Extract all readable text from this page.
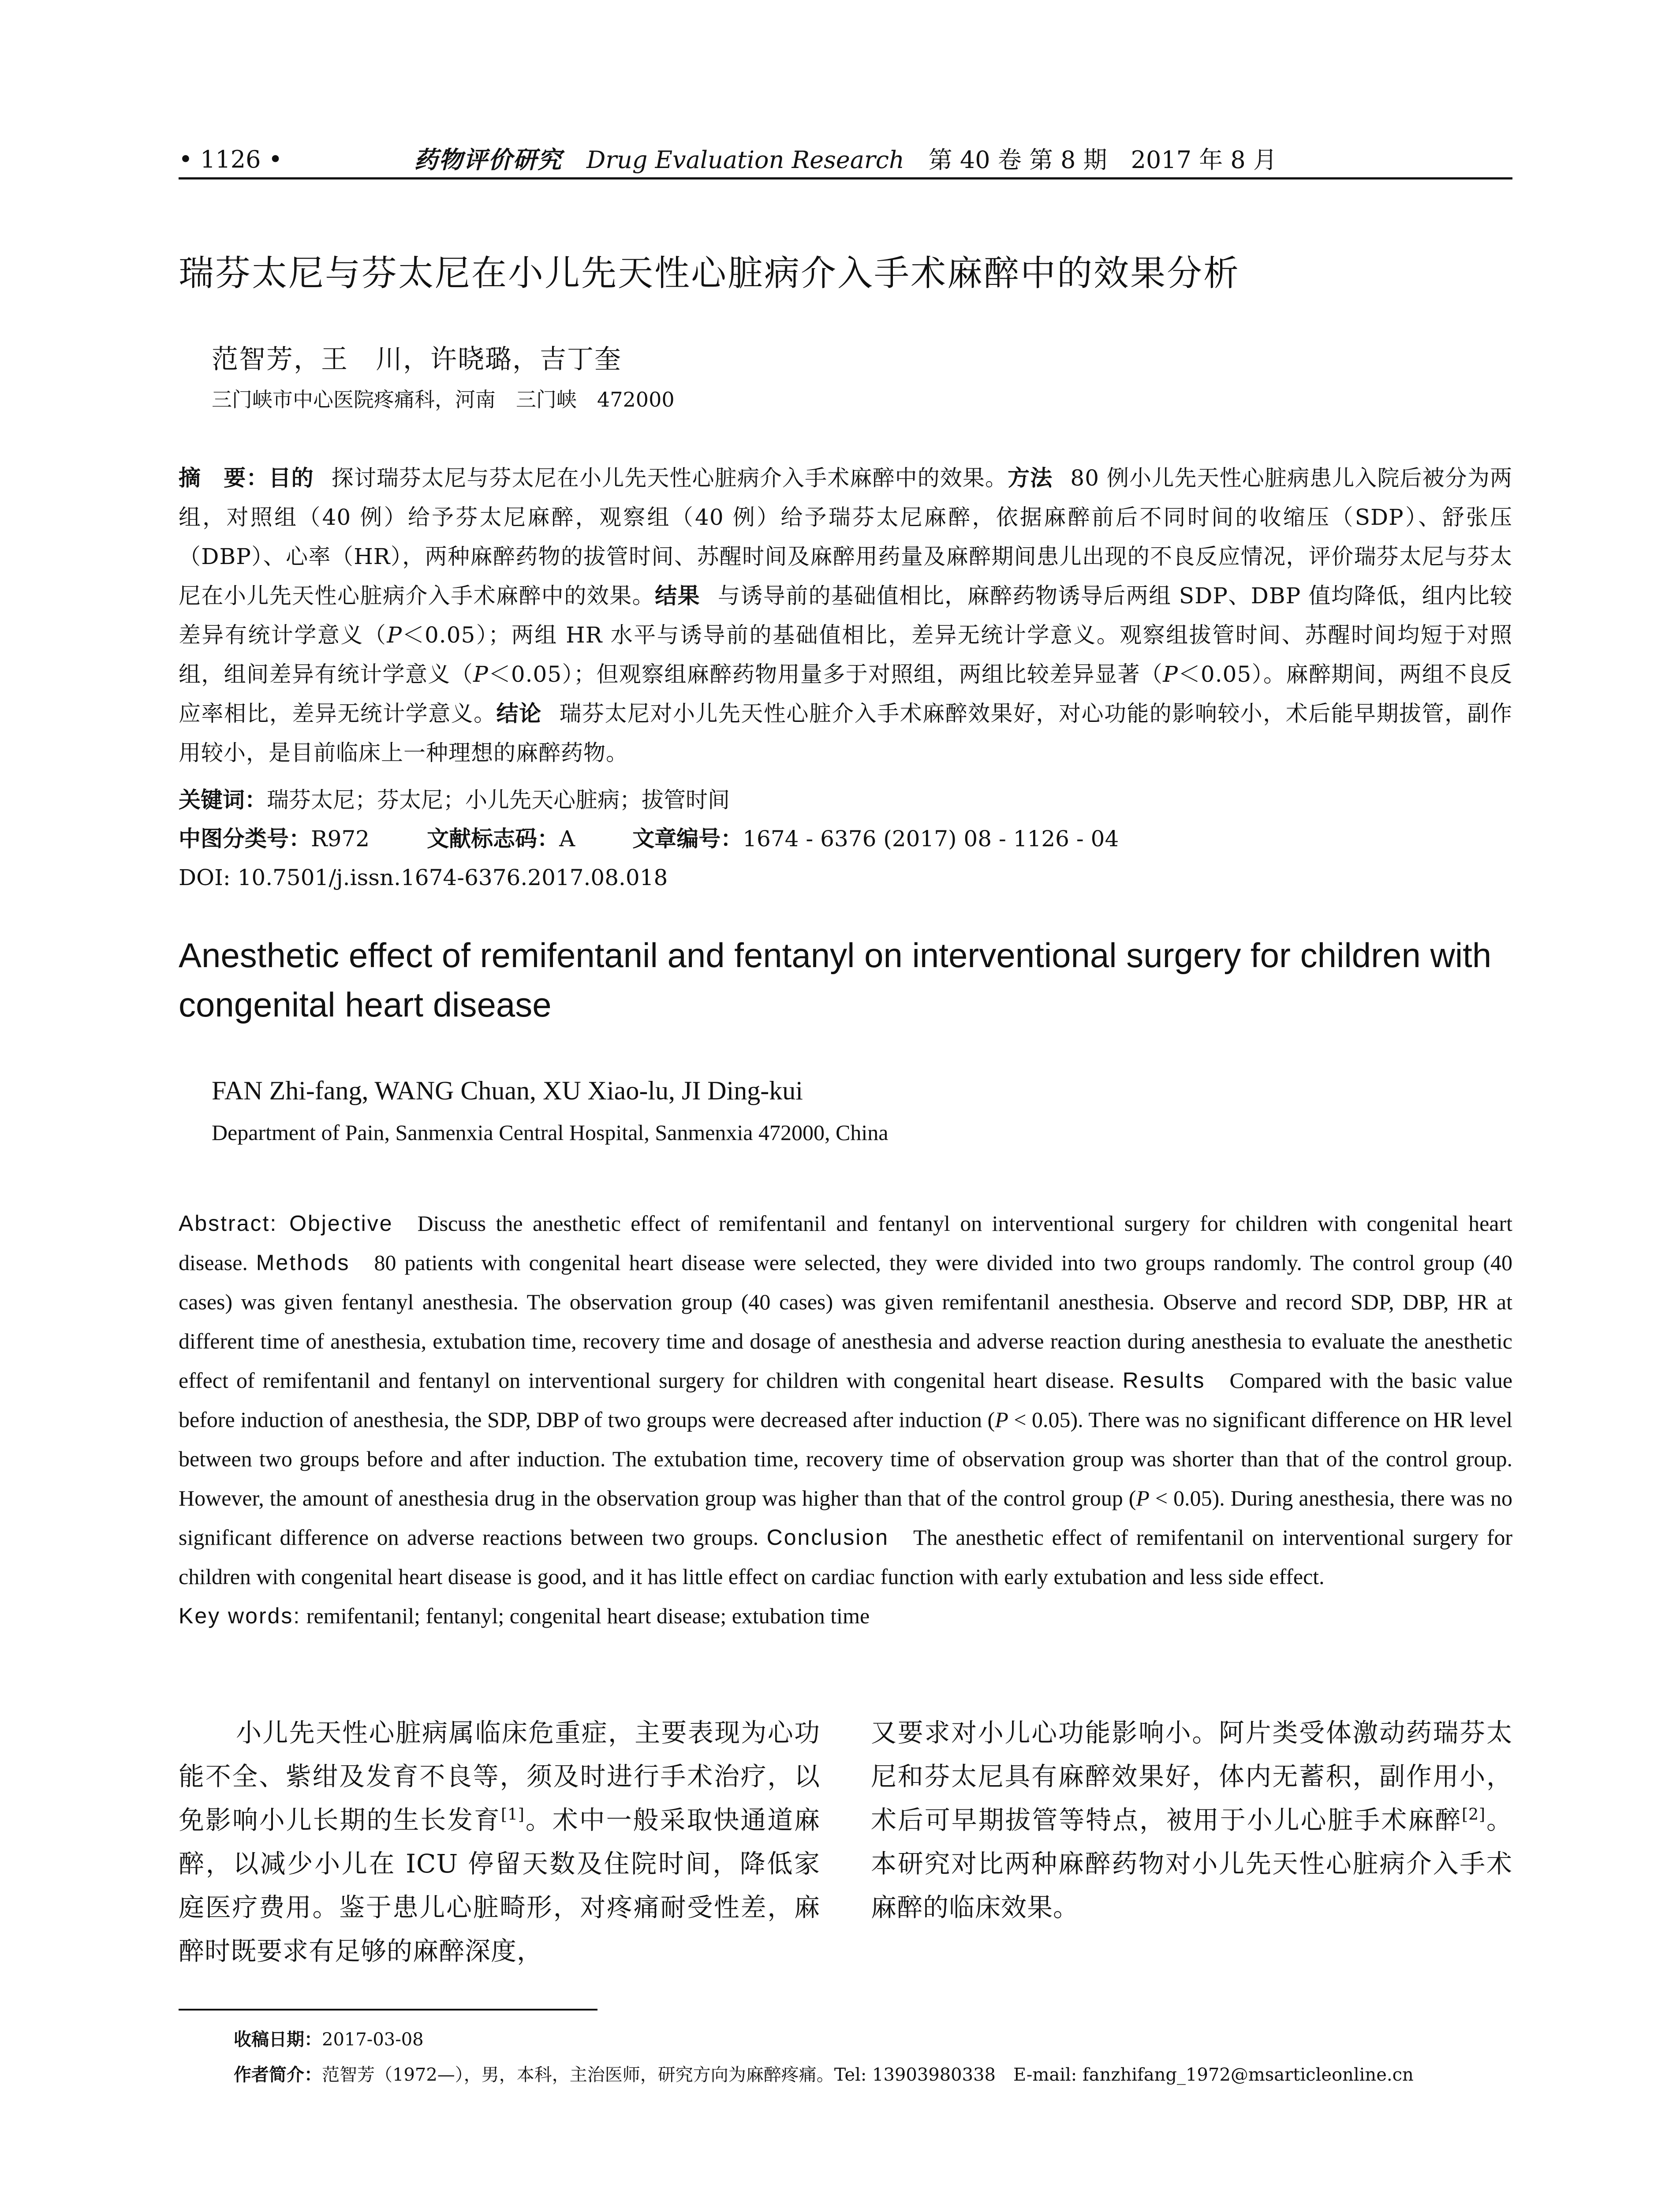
• 1126 •	药物评价研究 Drug Evaluation Research 第 40 卷 第 8 期　2017 年 8 月
瑞芬太尼与芬太尼在小儿先天性心脏病介入手术麻醉中的效果分析
范智芳，王　川，许晓璐，吉丁奎
三门峡市中心医院疼痛科，河南　三门峡　472000

摘　要：目的 探讨瑞芬太尼与芬太尼在小儿先天性心脏病介入手术麻醉中的效果。方法 80 例小儿先天性心脏病患儿入院后被分为两组，对照组（40 例）给予芬太尼麻醉，观察组（40 例）给予瑞芬太尼麻醉，依据麻醉前后不同时间的收缩压（SDP）、舒张压（DBP）、心率（HR），两种麻醉药物的拔管时间、苏醒时间及麻醉用药量及麻醉期间患儿出现的不良反应情况，评价瑞芬太尼与芬太尼在小儿先天性心脏病介入手术麻醉中的效果。结果 与诱导前的基础值相比，麻醉药物诱导后两组 SDP、DBP 值均降低，组内比较差异有统计学意义（P＜0.05）；两组 HR 水平与诱导前的基础值相比，差异无统计学意义。观察组拔管时间、苏醒时间均短于对照组，组间差异有统计学意义（P＜0.05）；但观察组麻醉药物用量多于对照组，两组比较差异显著（P＜0.05）。麻醉期间，两组不良反应率相比，差异无统计学意义。结论 瑞芬太尼对小儿先天性心脏介入手术麻醉效果好，对心功能的影响较小，术后能早期拔管，副作用较小，是目前临床上一种理想的麻醉药物。

关键词：瑞芬太尼；芬太尼；小儿先天心脏病；拔管时间
中图分类号：R972	文献标志码：A	文章编号：1674 - 6376 (2017) 08 - 1126 - 04
DOI: 10.7501/j.issn.1674-6376.2017.08.018
Anesthetic effect of remifentanil and fentanyl on interventional surgery for children with congenital heart disease
FAN Zhi-fang, WANG Chuan, XU Xiao-lu, JI Ding-kui
Department of Pain, Sanmenxia Central Hospital, Sanmenxia 472000, China

Abstract: Objective Discuss the anesthetic effect of remifentanil and fentanyl on interventional surgery for children with congenital heart disease. Methods 80 patients with congenital heart disease were selected, they were divided into two groups randomly. The control group (40 cases) was given fentanyl anesthesia. The observation group (40 cases) was given remifentanil anesthesia. Observe and record SDP, DBP, HR at different time of anesthesia, extubation time, recovery time and dosage of anesthesia and adverse reaction during anesthesia to evaluate the anesthetic effect of remifentanil and fentanyl on interventional surgery for children with congenital heart disease. Results Compared with the basic value before induction of anesthesia, the SDP, DBP of two groups were decreased after induction (P < 0.05). There was no significant difference on HR level between two groups before and after induction. The extubation time, recovery time of observation group was shorter than that of the control group. However, the amount of anesthesia drug in the observation group was higher than that of the control group (P < 0.05). During anesthesia, there was no significant difference on adverse reactions between two groups. Conclusion The anesthetic effect of remifentanil on interventional surgery for children with congenital heart disease is good, and it has little effect on cardiac function with early extubation and less side effect.

Key words: remifentanil; fentanyl; congenital heart disease; extubation time

小儿先天性心脏病属临床危重症，主要表现为心功能不全、紫绀及发育不良等，须及时进行手术治疗，以免影响小儿长期的生长发育[1]。术中一般采取快通道麻醉，以减少小儿在 ICU 停留天数及住院时间，降低家庭医疗费用。鉴于患儿心脏畸形，对疼痛耐受性差，麻醉时既要求有足够的麻醉深度，

又要求对小儿心功能影响小。阿片类受体激动药瑞芬太尼和芬太尼具有麻醉效果好，体内无蓄积，副作用小，术后可早期拔管等特点，被用于小儿心脏手术麻醉[2]。本研究对比两种麻醉药物对小儿先天性心脏病介入手术麻醉的临床效果。

收稿日期：2017-03-08
作者简介：范智芳（1972—），男，本科，主治医师，研究方向为麻醉疼痛。Tel: 13903980338　E-mail: fanzhifang_1972@msarticleonline.cn
